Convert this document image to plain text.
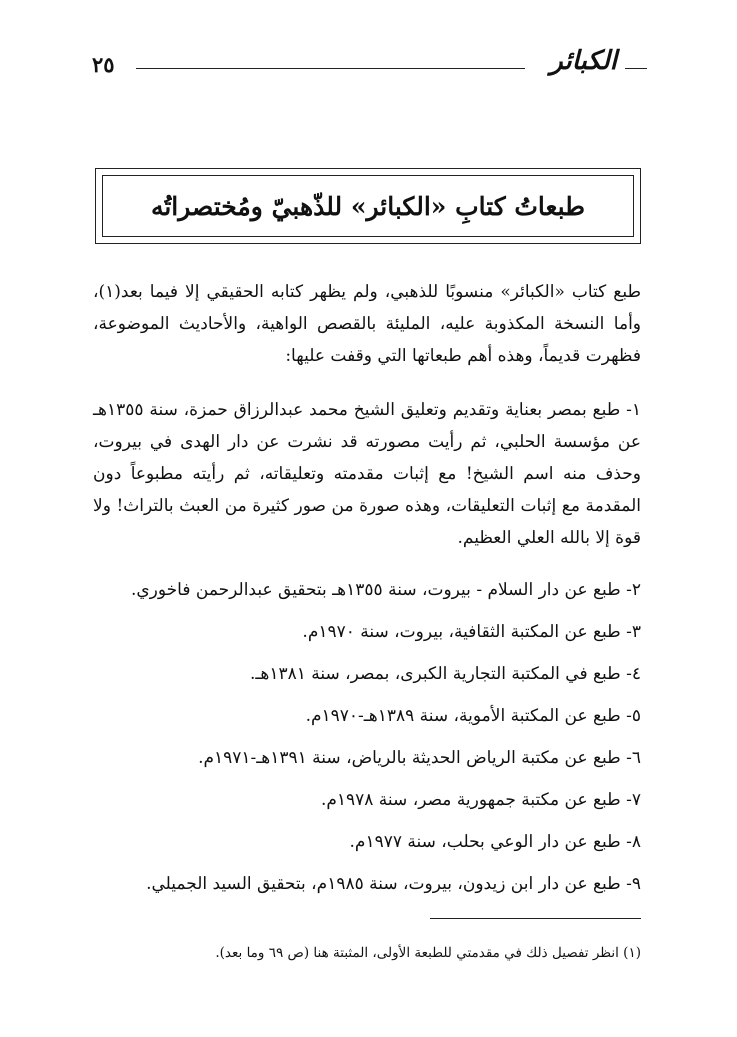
٢٥	الكبائر
طبعاتُ كتابِ «الكبائر» للذّهبيّ ومُختصراتُه
طبع كتاب «الكبائر» منسوبًا للذهبي، ولم يظهر كتابه الحقيقي إلا فيما بعد(١)، وأما النسخة المكذوبة عليه، المليئة بالقصص الواهية، والأحاديث الموضوعة، فظهرت قديماً، وهذه أهم طبعاتها التي وقفت عليها:
١- طبع بمصر بعناية وتقديم وتعليق الشيخ محمد عبدالرزاق حمزة، سنة ١٣٥٥هـ عن مؤسسة الحلبي، ثم رأيت مصورته قد نشرت عن دار الهدى في بيروت، وحذف منه اسم الشيخ! مع إثبات مقدمته وتعليقاته، ثم رأيته مطبوعاً دون المقدمة مع إثبات التعليقات، وهذه صورة من صور كثيرة من العبث بالتراث! ولا قوة إلا بالله العلي العظيم.
٢- طبع عن دار السلام - بيروت، سنة ١٣٥٥هـ بتحقيق عبدالرحمن فاخوري.
٣- طبع عن المكتبة الثقافية، بيروت، سنة ١٩٧٠م.
٤- طبع في المكتبة التجارية الكبرى، بمصر، سنة ١٣٨١هـ.
٥- طبع عن المكتبة الأموية، سنة ١٣٨٩هـ-١٩٧٠م.
٦- طبع عن مكتبة الرياض الحديثة بالرياض، سنة ١٣٩١هـ-١٩٧١م.
٧- طبع عن مكتبة جمهورية مصر، سنة ١٩٧٨م.
٨- طبع عن دار الوعي بحلب، سنة ١٩٧٧م.
٩- طبع عن دار ابن زيدون، بيروت، سنة ١٩٨٥م، بتحقيق السيد الجميلي.
(١) انظر تفصيل ذلك في مقدمتي للطبعة الأولى، المثبتة هنا (ص ٦٩ وما بعد).
